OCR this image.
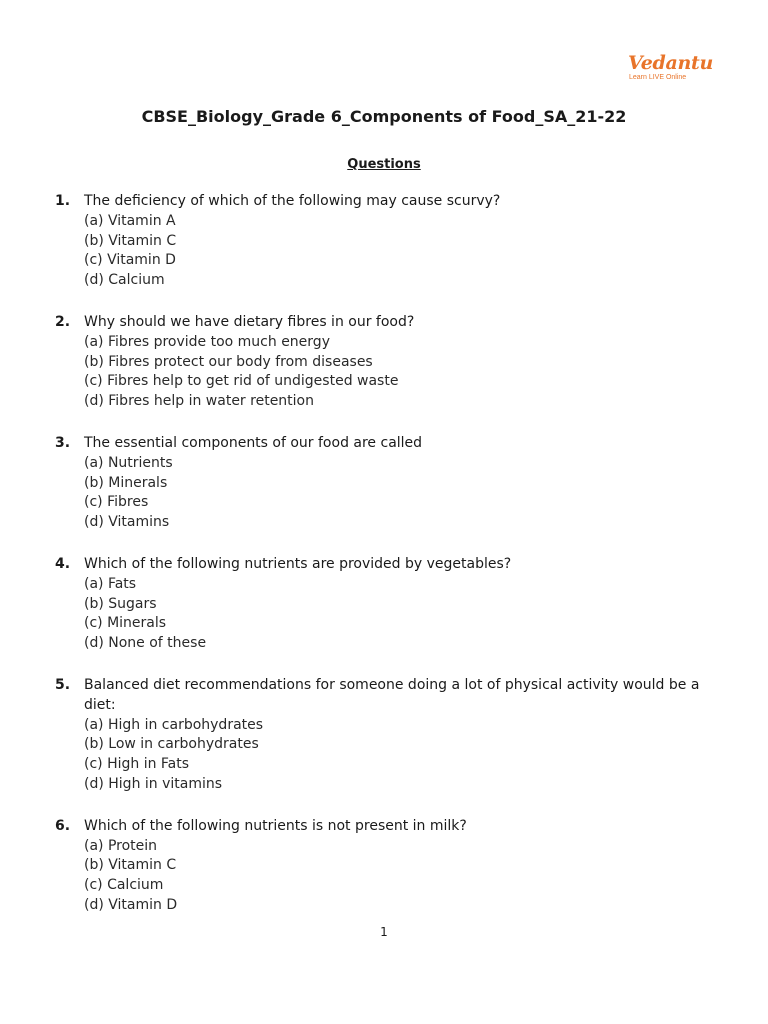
Vedantu
Learn LIVE Online
CBSE_Biology_Grade 6_Components of Food_SA_21-22
Questions
1. The deficiency of which of the following may cause scurvy?
(a) Vitamin A
(b) Vitamin C
(c) Vitamin D
(d) Calcium
2. Why should we have dietary fibres in our food?
(a) Fibres provide too much energy
(b) Fibres protect our body from diseases
(c) Fibres help to get rid of undigested waste
(d) Fibres help in water retention
3. The essential components of our food are called
(a) Nutrients
(b) Minerals
(c) Fibres
(d) Vitamins
4. Which of the following nutrients are provided by vegetables?
(a) Fats
(b) Sugars
(c) Minerals
(d) None of these
5. Balanced diet recommendations for someone doing a lot of physical activity would be a diet:
(a) High in carbohydrates
(b) Low in carbohydrates
(c) High in Fats
(d) High in vitamins
6. Which of the following nutrients is not present in milk?
(a) Protein
(b) Vitamin C
(c) Calcium
(d) Vitamin D
1
